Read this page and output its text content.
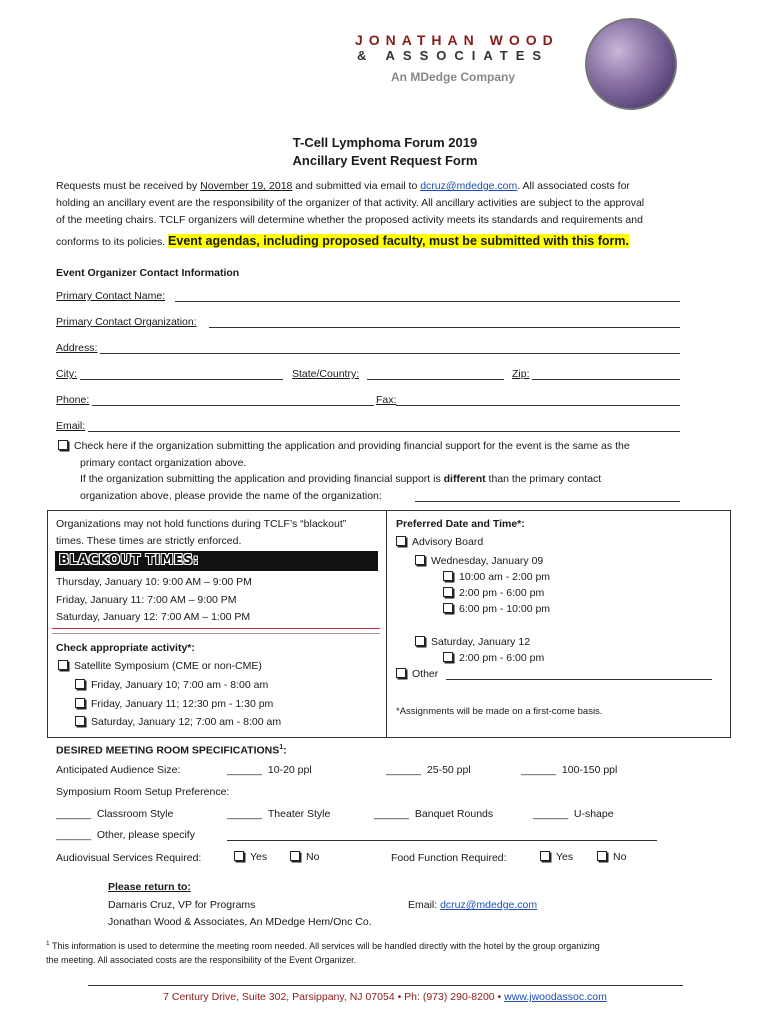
JONATHAN WOOD
& ASSOCIATES
An MDedge Company
T-Cell Lymphoma Forum 2019
Ancillary Event Request Form
Requests must be received by November 19, 2018 and submitted via email to dcruz@mdedge.com. All associated costs for
holding an ancillary event are the responsibility of the organizer of that activity. All ancillary activities are subject to the approval
of the meeting chairs. TCLF organizers will determine whether the proposed activity meets its standards and requirements and
conforms to its policies. Event agendas, including proposed faculty, must be submitted with this form.
Event Organizer Contact Information
Primary Contact Name:
Primary Contact Organization:
Address:
City:	State/Country:	Zip:
Phone:	Fax:
Email:
Check here if the organization submitting the application and providing financial support for the event is the same as the
primary contact organization above.
If the organization submitting the application and providing financial support is different than the primary contact
organization above, please provide the name of the organization:
Organizations may not hold functions during TCLF’s “blackout”
times. These times are strictly enforced.
BLACKOUT TIMES:
Thursday, January 10: 9:00 AM – 9:00 PM
Friday, January 11: 7:00 AM – 9:00 PM
Saturday, January 12: 7:00 AM – 1:00 PM
Check appropriate activity*:
Satellite Symposium (CME or non-CME)
Friday, January 10; 7:00 am - 8:00 am
Friday, January 11; 12:30 pm - 1:30 pm
Saturday, January 12; 7:00 am - 8:00 am
Preferred Date and Time*:
Advisory Board
Wednesday, January 09
10:00 am - 2:00 pm
2:00 pm - 6:00 pm
6:00 pm - 10:00 pm
Saturday, January 12
2:00 pm - 6:00 pm
Other
*Assignments will be made on a first-come basis.
DESIRED MEETING ROOM SPECIFICATIONS$^1$:
Anticipated Audience Size:	______ 10-20 ppl	______ 25-50 ppl	______ 100-150 ppl
Symposium Room Setup Preference:
______ Classroom Style	______ Theater Style	______ Banquet Rounds	______ U-shape
______ Other, please specify
Audiovisual Services Required:	Yes	No	Food Function Required:	Yes	No
Please return to:
Damaris Cruz, VP for Programs	Email: dcruz@mdedge.com
Jonathan Wood & Associates, An MDedge Hem/Onc Co.
$^1$ This information is used to determine the meeting room needed. All services will be handled directly with the hotel by the group organizing
the meeting. All associated costs are the responsibility of the Event Organizer.
7 Century Drive, Suite 302, Parsippany, NJ 07054 • Ph: (973) 290-8200 • www.jwoodassoc.com
